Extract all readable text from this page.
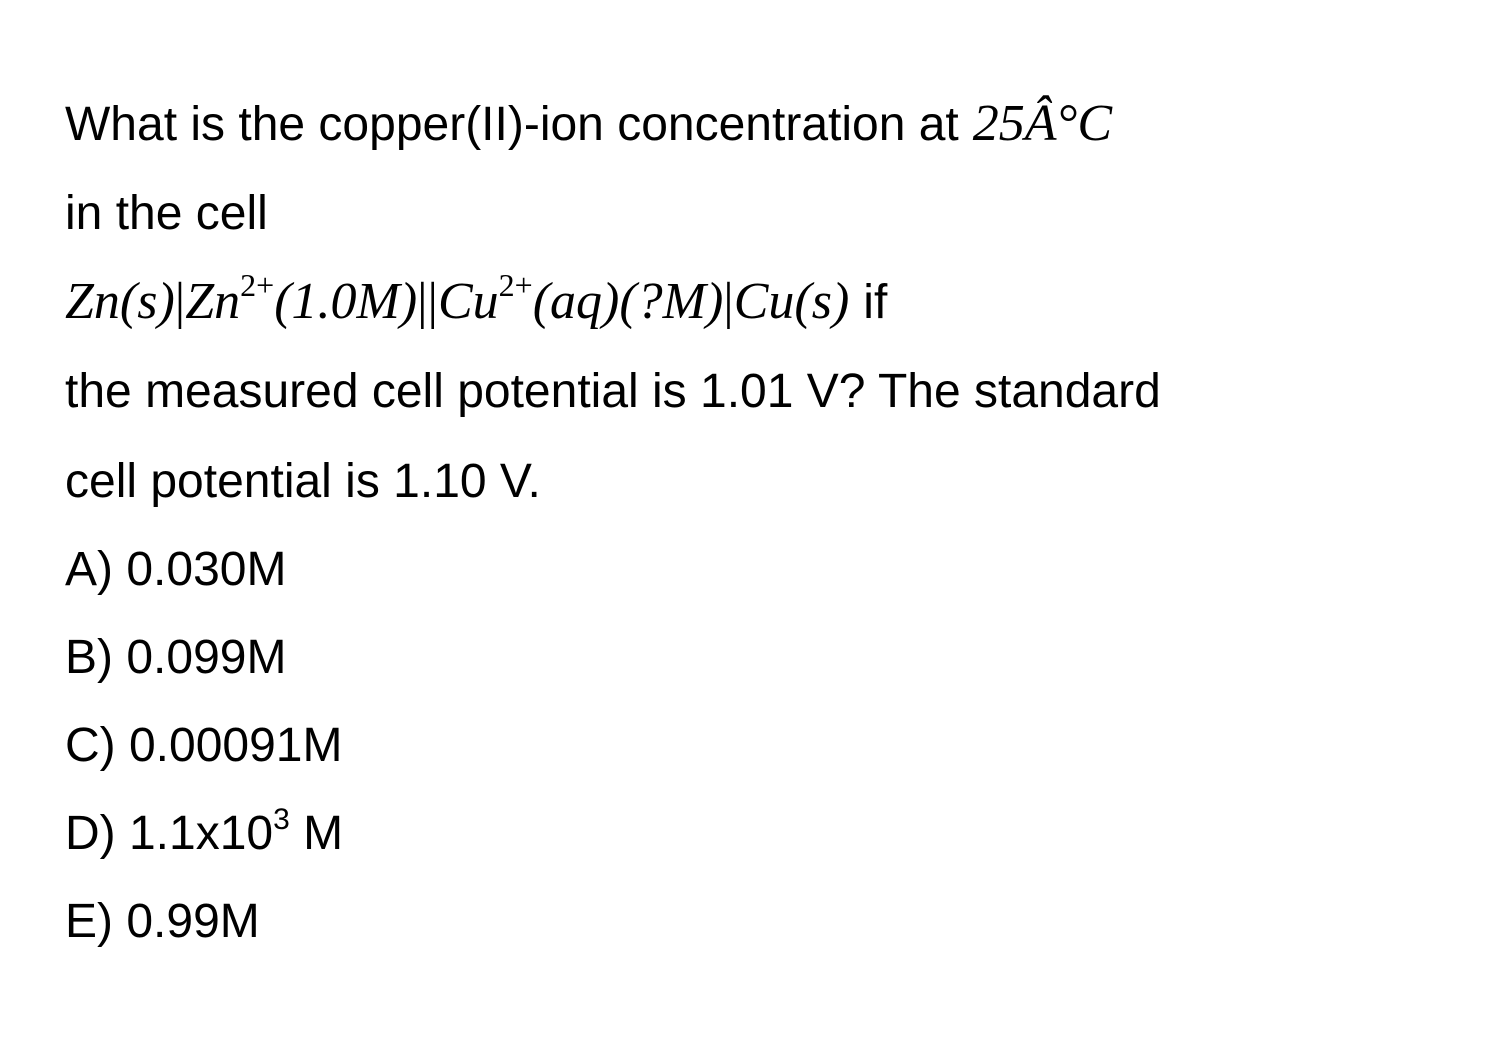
What is the copper(II)-ion concentration at 25Â°C
in the cell
$Zn(s)|Zn^{2+}(1.0M)||Cu^{2+}(aq)(?M)|Cu(s)$ if
the measured cell potential is 1.01 V? The standard
cell potential is 1.10 V.
A) 0.030M
B) 0.099M
C) 0.00091M
D) $1.1x10^3$ M
E) 0.99M
